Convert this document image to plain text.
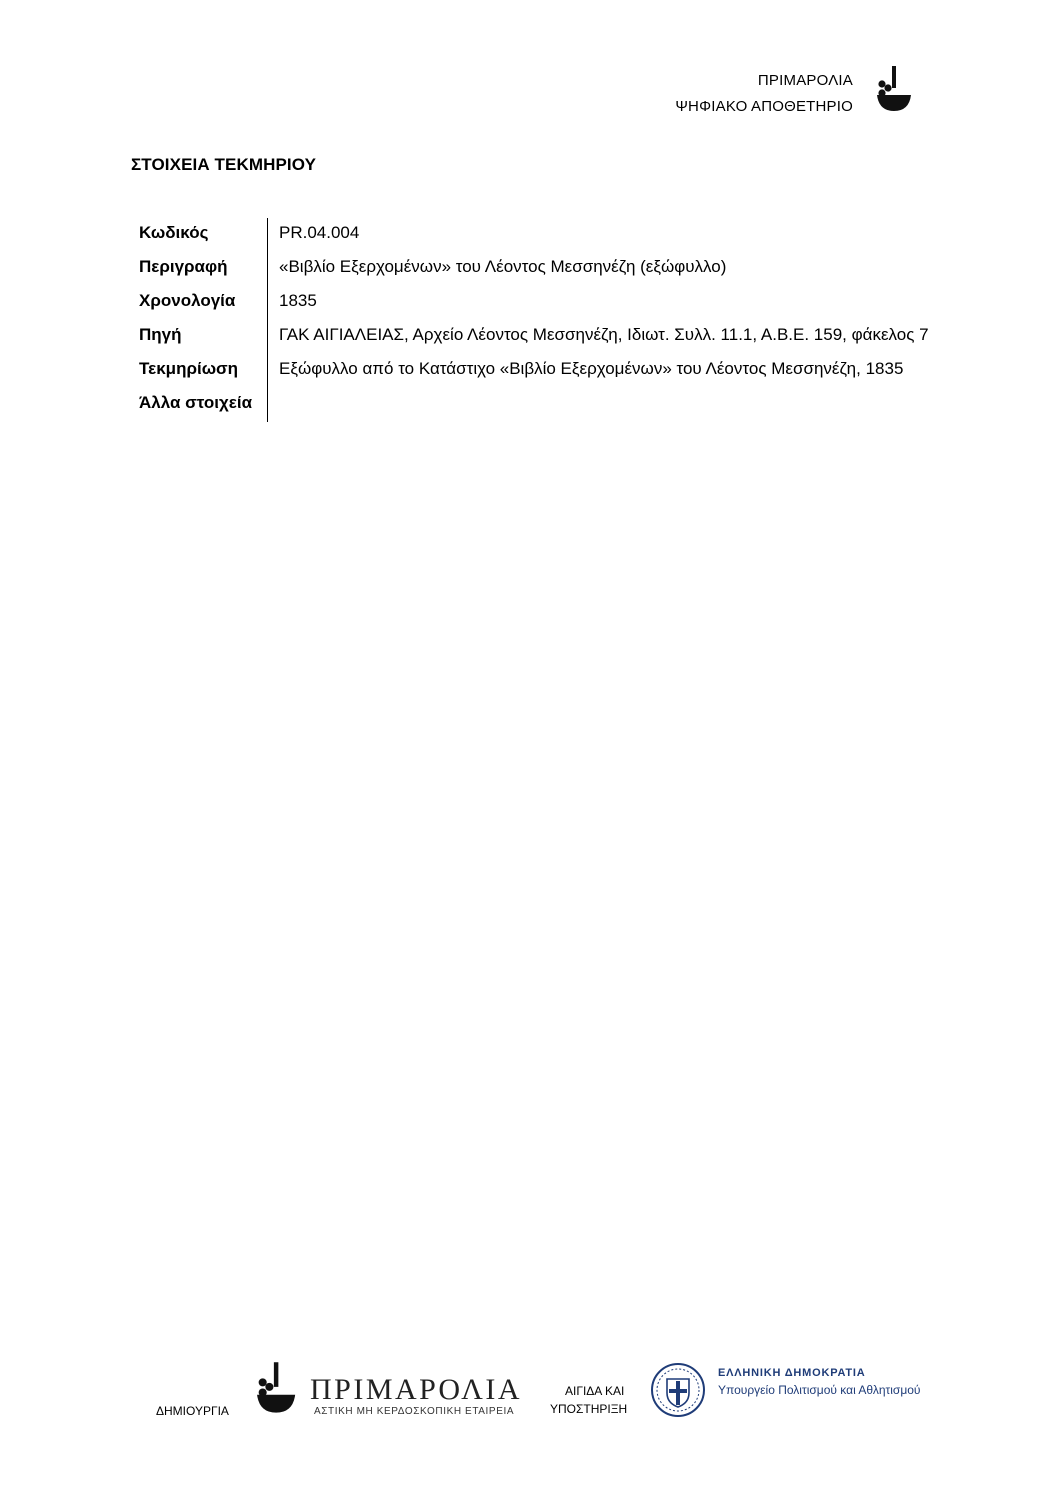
ΠΡΙΜΑΡΟΛΙΑ
ΨΗΦΙΑΚΟ ΑΠΟΘΕΤΗΡΙΟ
ΣΤΟΙΧΕΙΑ ΤΕΚΜΗΡΙΟΥ
Κωδικός	PR.04.004
Περιγραφή	«Βιβλίο Εξερχομένων» του Λέοντος Μεσσηνέζη (εξώφυλλο)
Χρονολογία	1835
Πηγή	ΓΑΚ ΑΙΓΙΑΛΕΙΑΣ, Αρχείο Λέοντος Μεσσηνέζη, Ιδιωτ. Συλλ. 11.1, Α.Β.Ε. 159, φάκελος 7
Τεκμηρίωση	Εξώφυλλο από το Κατάστιχο «Βιβλίο Εξερχομένων» του Λέοντος Μεσσηνέζη, 1835
Άλλα στοιχεία	
ΔΗΜΙΟΥΡΓΙΑ
ΠΡΙΜΑΡΟΛΙΑ
ΑΣΤΙΚΗ ΜΗ ΚΕΡΔΟΣΚΟΠΙΚΗ ΕΤΑΙΡΕΙΑ
ΑΙΓΙΔΑ ΚΑΙ
ΥΠΟΣΤΗΡΙΞΗ
ΕΛΛΗΝΙΚΗ ΔΗΜΟΚΡΑΤΙΑ
Υπουργείο Πολιτισμού και Αθλητισμού
